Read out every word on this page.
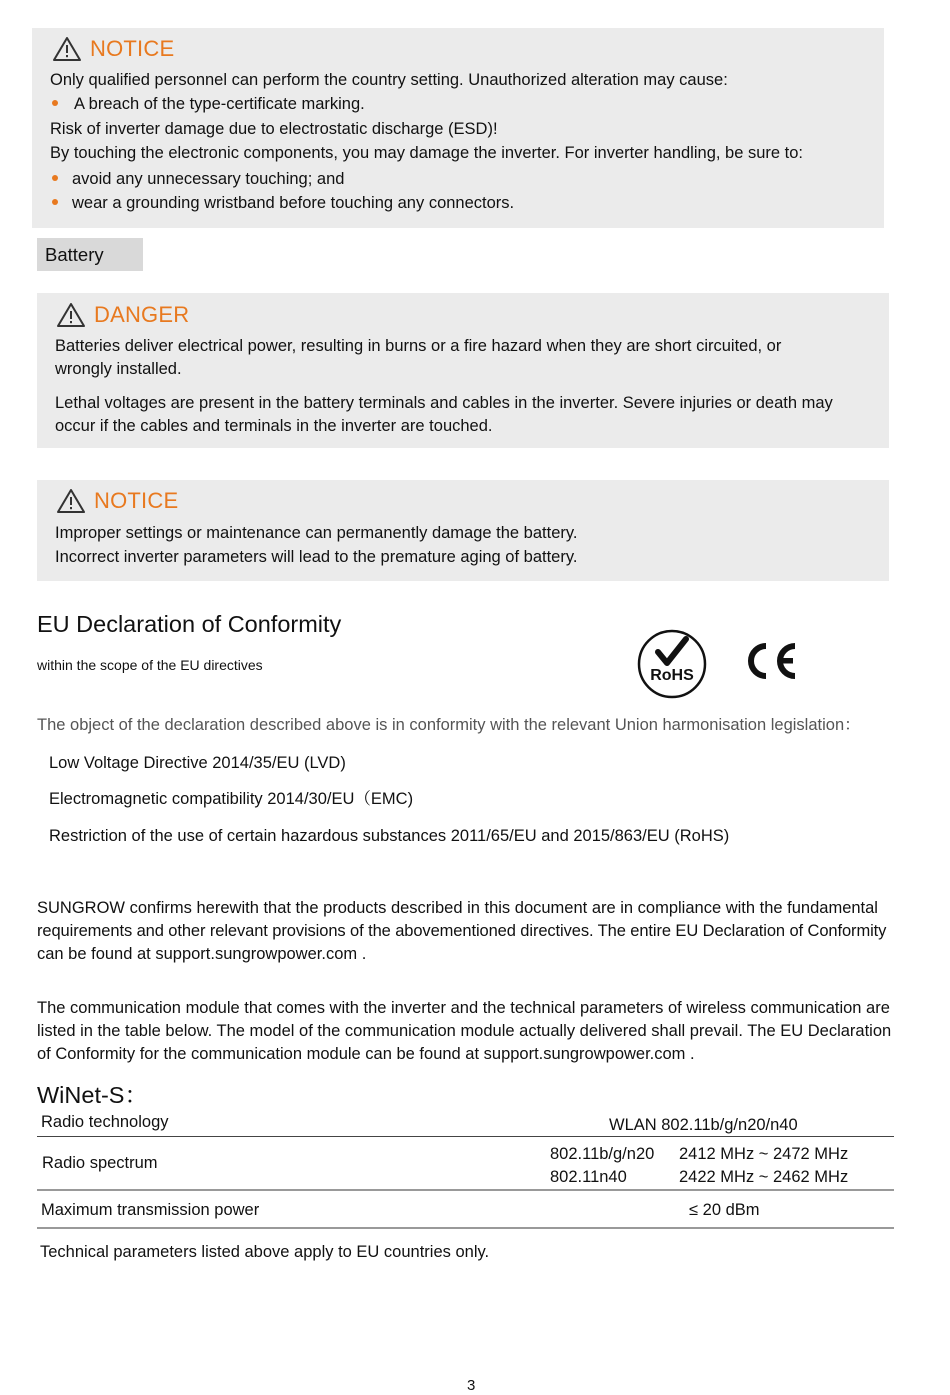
NOTICE
Only qualified personnel can perform the country setting. Unauthorized alteration may cause:
A breach of the type-certificate marking.
Risk of inverter damage due to electrostatic discharge (ESD)!
By touching the electronic components, you may damage the inverter. For inverter handling, be sure to:
avoid any unnecessary touching; and
wear a grounding wristband before touching any connectors.
Battery
DANGER
Batteries deliver electrical power, resulting in burns or a fire hazard when they are short circuited, or
wrongly installed.
Lethal voltages are present in the battery terminals and cables in the inverter. Severe injuries or death may
occur if the cables and terminals in the inverter are touched.
NOTICE
Improper settings or maintenance can permanently damage the battery.
Incorrect inverter parameters will lead to the premature aging of battery.
EU Declaration of Conformity
within the scope of the EU directives
RoHS
CE
The object of the declaration described above is in conformity with the relevant Union harmonisation legislation：
Low Voltage Directive 2014/35/EU (LVD)
Electromagnetic compatibility 2014/30/EU（EMC)
Restriction of the use of certain hazardous substances 2011/65/EU and 2015/863/EU (RoHS)
SUNGROW confirms herewith that the products described in this document are in compliance with the fundamental
requirements and other relevant provisions of the abovementioned directives. The entire EU Declaration of Conformity
can be found at support.sungrowpower.com .
The communication module that comes with the inverter and the technical parameters of wireless communication are
listed in the table below. The model of the communication module actually delivered shall prevail. The EU Declaration
of Conformity for the communication module can be found at support.sungrowpower.com .
WiNet-S：
Radio technology	WLAN 802.11b/g/n20/n40
Radio spectrum	802.11b/g/n20 2412 MHz ~ 2472 MHz
802.11n40	2422 MHz ~ 2462 MHz
Maximum transmission power	≤ 20 dBm
Technical parameters listed above apply to EU countries only.
3
